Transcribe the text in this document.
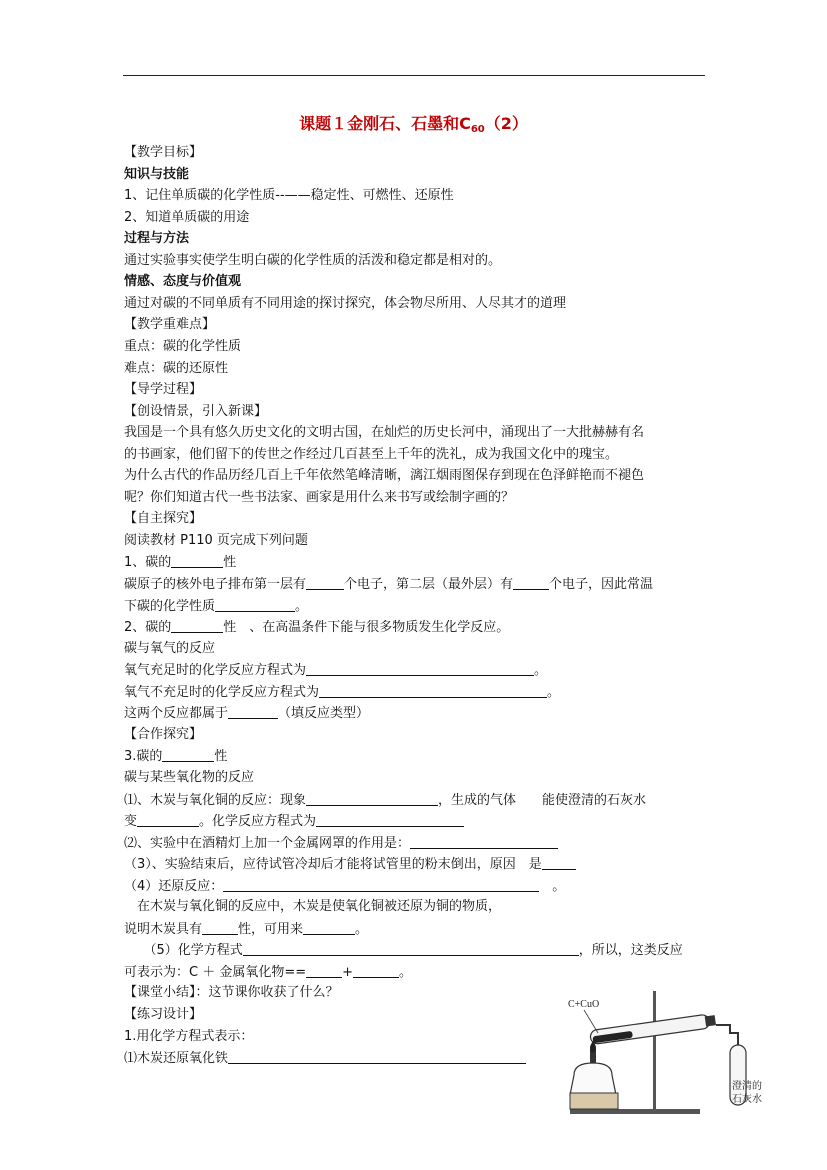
课题１金刚石、石墨和$C_{60}(2)$
【教学目标】
知识与技能
1、记住单质碳的化学性质--——稳定性、可燃性、还原性
2、知道单质碳的用途
过程与方法
通过实验事实使学生明白碳的化学性质的活泼和稳定都是相对的。
情感、态度与价值观
通过对碳的不同单质有不同用途的探讨探究，体会物尽所用、人尽其才的道理
【教学重难点】
重点：碳的化学性质
难点：碳的还原性
【导学过程】
【创设情景，引入新课】
我国是一个具有悠久历史文化的文明古国，在灿烂的历史长河中，涌现出了一大批赫赫有名
的书画家，他们留下的传世之作经过几百甚至上千年的洗礼，成为我国文化中的瑰宝。
为什么古代的作品历经几百上千年依然笔峰清晰，漓江烟雨图保存到现在色泽鲜艳而不褪色
呢？你们知道古代一些书法家、画家是用什么来书写或绘制字画的？
【自主探究】
阅读教材 P110 页完成下列问题
1、碳的	性
碳原子的核外电子排布第一层有	个电子，第二层（最外层）有	个电子，因此常温
下碳的化学性质	。
2、碳的	性　、在高温条件下能与很多物质发生化学反应。
碳与氧气的反应
氧气充足时的化学反应方程式为	。
氧气不充足时的化学反应方程式为	。
这两个反应都属于	（填反应类型）
【合作探究】
3.碳的	性
碳与某些氧化物的反应
⑴、木炭与氧化铜的反应：现象	，生成的气体　　能使澄清的石灰水
变	。化学反应方程式为
⑵、实验中在酒精灯上加一个金属网罩的作用是：
（3）、实验结束后，应待试管冷却后才能将试管里的粉末倒出，原因　是
（4）还原反应：	　。
　在木炭与氧化铜的反应中，木炭是使氧化铜被还原为铜的物质，
说明木炭具有	性，可用来	。
　　（5）化学方程式	，所以，这类反应
可表示为：C ＋ 金属氧化物==	+	。
【课堂小结】：这节课你收获了什么？
【练习设计】
1.用化学方程式表示：
⑴木炭还原氧化铁
C+CuO
澄清的
石灰水
